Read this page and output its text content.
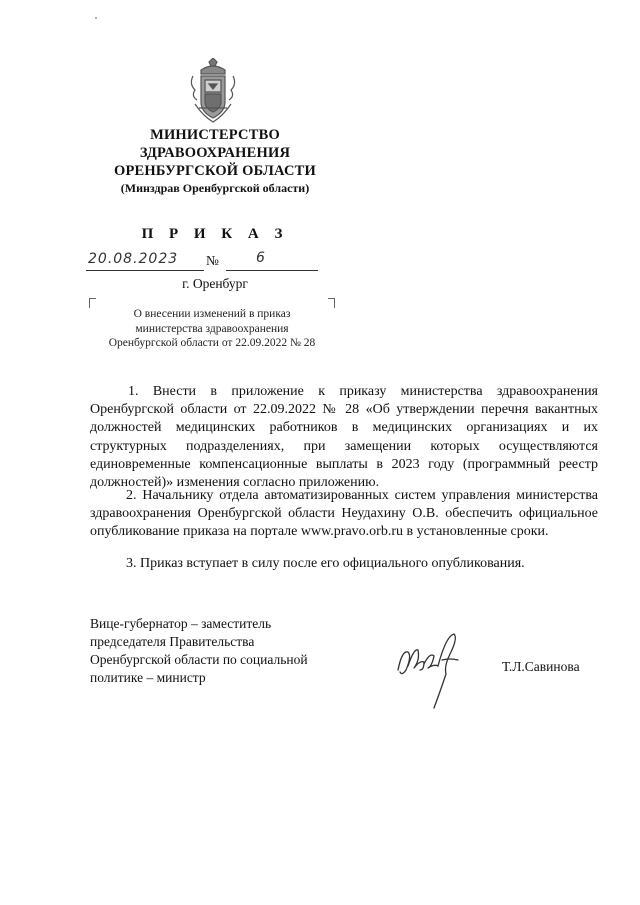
МИНИСТЕРСТВО
ЗДРАВООХРАНЕНИЯ
ОРЕНБУРГСКОЙ ОБЛАСТИ
(Минздрав Оренбургской области)
П Р И К А З
20.08.2023	№	6
г. Оренбург
О внесении изменений в приказ
министерства здравоохранения
Оренбургской области от 22.09.2022 № 28
1. Внести в приложение к приказу министерства здравоохранения Оренбургской области от 22.09.2022 № 28 «Об утверждении перечня вакантных должностей медицинских работников в медицинских организациях и их структурных подразделениях, при замещении которых осуществляются единовременные компенсационные выплаты в 2023 году (программный реестр должностей)» изменения согласно приложению.
2. Начальнику отдела автоматизированных систем управления министерства здравоохранения Оренбургской области Неудахину О.В. обеспечить официальное опубликование приказа на портале www.pravo.orb.ru в установленные сроки.
3. Приказ вступает в силу после его официального опубликования.
Вице-губернатор – заместитель
председателя Правительства
Оренбургской области по социальной
политике – министр
Т.Л.Савинова
